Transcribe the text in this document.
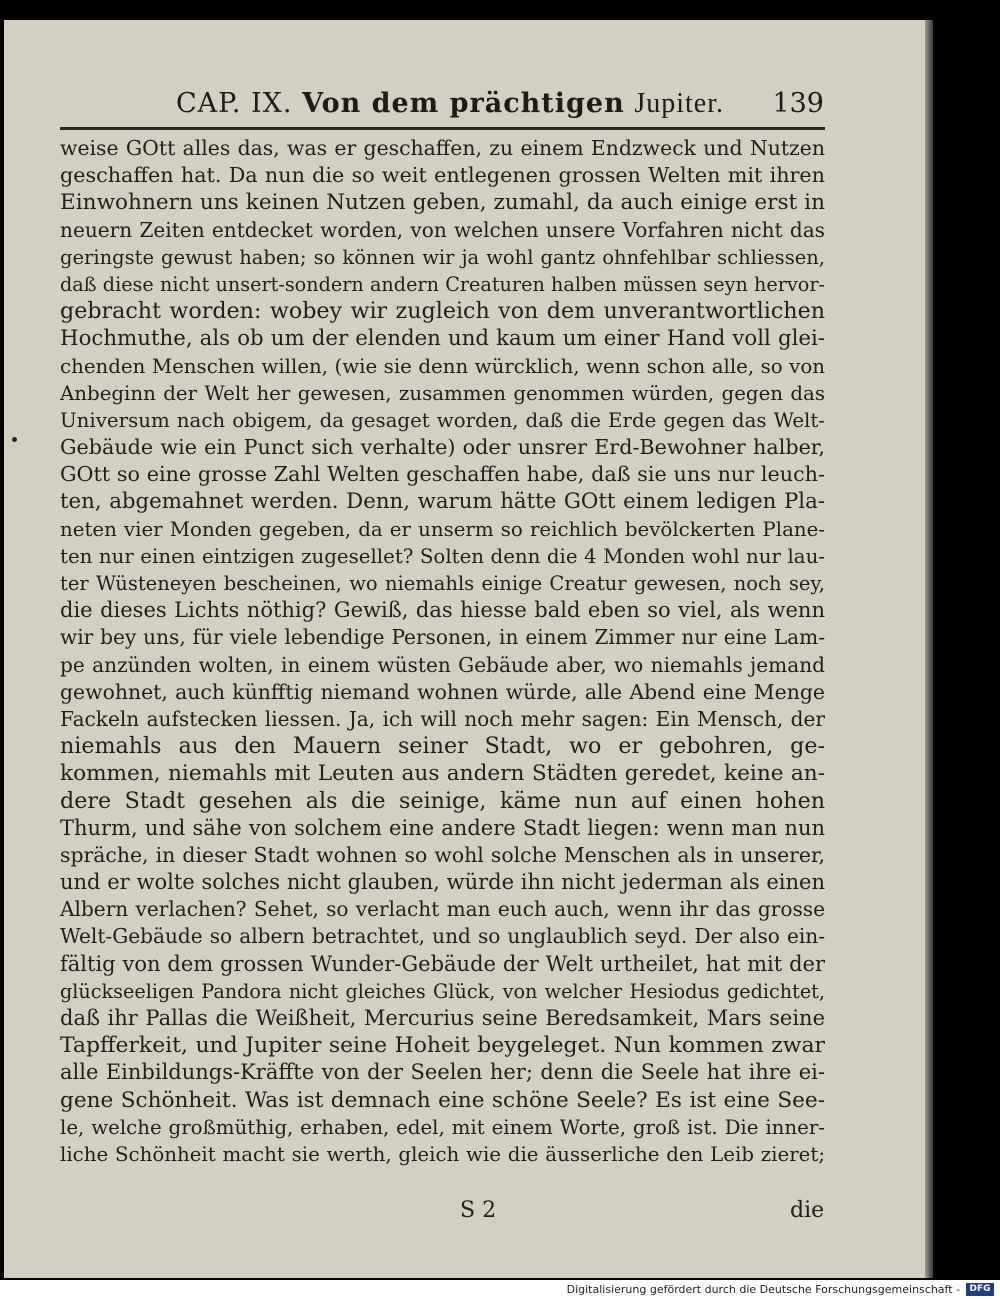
CAP. IX. Von dem prächtigen Jupiter. 139
weise GOtt alles das, was er geschaffen, zu einem Endzweck und Nutzen
geschaffen hat. Da nun die so weit entlegenen grossen Welten mit ihren
Einwohnern uns keinen Nutzen geben, zumahl, da auch einige erst in
neuern Zeiten entdecket worden, von welchen unsere Vorfahren nicht das
geringste gewust haben; so können wir ja wohl gantz ohnfehlbar schliessen,
daß diese nicht unsert-sondern andern Creaturen halben müssen seyn hervor-
gebracht worden: wobey wir zugleich von dem unverantwortlichen
Hochmuthe, als ob um der elenden und kaum um einer Hand voll glei-
chenden Menschen willen, (wie sie denn würcklich, wenn schon alle, so von
Anbeginn der Welt her gewesen, zusammen genommen würden, gegen das
Universum nach obigem, da gesaget worden, daß die Erde gegen das Welt-
Gebäude wie ein Punct sich verhalte) oder unsrer Erd-Bewohner halber,
GOtt so eine grosse Zahl Welten geschaffen habe, daß sie uns nur leuch-
ten, abgemahnet werden. Denn, warum hätte GOtt einem ledigen Pla-
neten vier Monden gegeben, da er unserm so reichlich bevölckerten Plane-
ten nur einen eintzigen zugesellet? Solten denn die 4 Monden wohl nur lau-
ter Wüsteneyen bescheinen, wo niemahls einige Creatur gewesen, noch sey,
die dieses Lichts nöthig? Gewiß, das hiesse bald eben so viel, als wenn
wir bey uns, für viele lebendige Personen, in einem Zimmer nur eine Lam-
pe anzünden wolten, in einem wüsten Gebäude aber, wo niemahls jemand
gewohnet, auch künfftig niemand wohnen würde, alle Abend eine Menge
Fackeln aufstecken liessen. Ja, ich will noch mehr sagen: Ein Mensch, der
niemahls aus den Mauern seiner Stadt, wo er gebohren, ge-
kommen, niemahls mit Leuten aus andern Städten geredet, keine an-
dere Stadt gesehen als die seinige, käme nun auf einen hohen
Thurm, und sähe von solchem eine andere Stadt liegen: wenn man nun
spräche, in dieser Stadt wohnen so wohl solche Menschen als in unserer,
und er wolte solches nicht glauben, würde ihn nicht jederman als einen
Albern verlachen? Sehet, so verlacht man euch auch, wenn ihr das grosse
Welt-Gebäude so albern betrachtet, und so unglaublich seyd. Der also ein-
fältig von dem grossen Wunder-Gebäude der Welt urtheilet, hat mit der
glückseeligen Pandora nicht gleiches Glück, von welcher Hesiodus gedichtet,
daß ihr Pallas die Weißheit, Mercurius seine Beredsamkeit, Mars seine
Tapfferkeit, und Jupiter seine Hoheit beygeleget. Nun kommen zwar
alle Einbildungs-Kräffte von der Seelen her; denn die Seele hat ihre ei-
gene Schönheit. Was ist demnach eine schöne Seele? Es ist eine See-
le, welche großmüthig, erhaben, edel, mit einem Worte, groß ist. Die inner-
liche Schönheit macht sie werth, gleich wie die äusserliche den Leib zieret;
S 2	die
Digitalisierung gefördert durch die Deutsche Forschungsgemeinschaft -	DFG
